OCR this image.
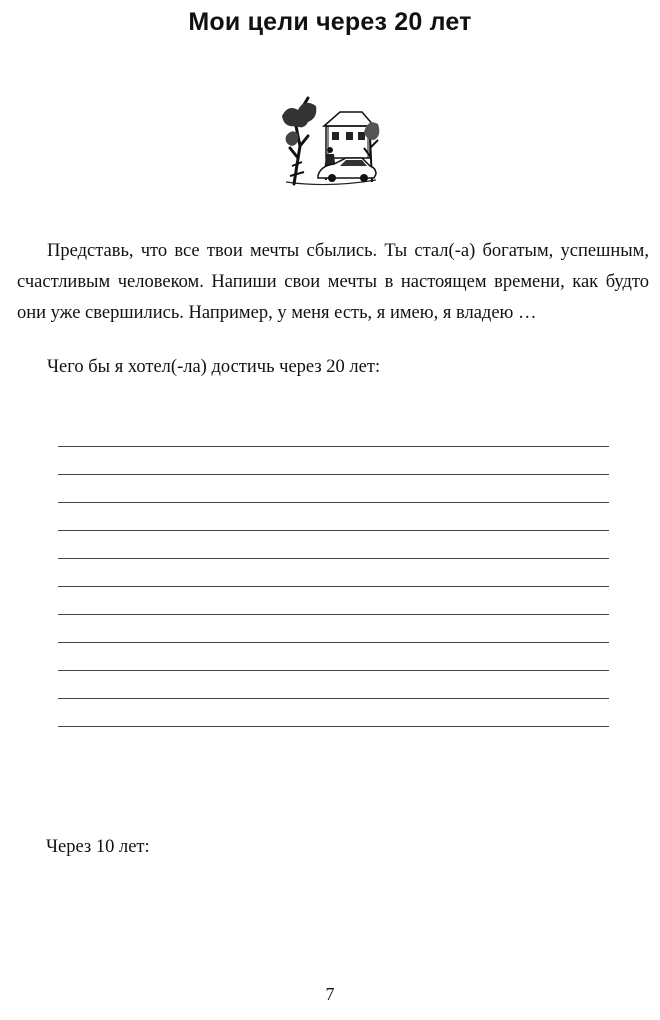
Мои цели через 20 лет

Представь, что все твои мечты сбылись. Ты стал(-а) богатым, успешным, счастливым человеком. Напиши свои мечты в настоящем времени, как будто они уже свершились. Например, у меня есть, я имею, я владею …

Чего бы я хотел(-ла) достичь через 20 лет:

Через 10 лет:

7
